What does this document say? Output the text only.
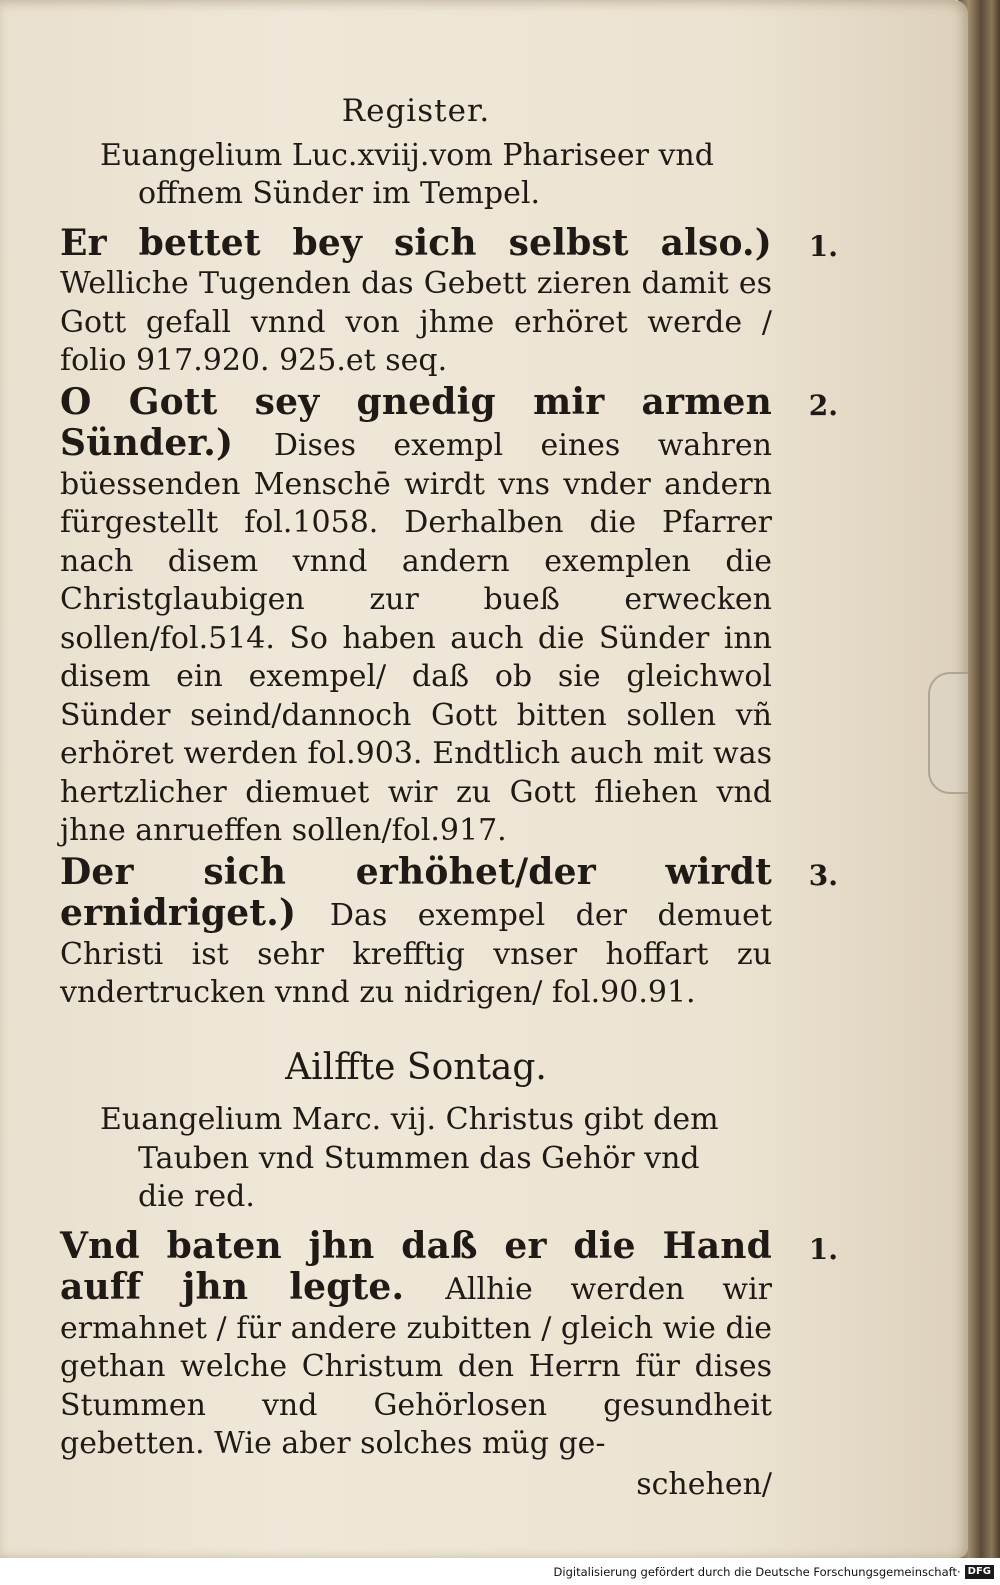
Register.
Euangelium Luc.xviij.vom Phariseer vnd
offnem Sünder im Tempel.
1.
Er bettet bey sich selbst also.) Welliche Tugenden das Gebett zieren damit es Gott gefall vnnd von jhme erhöret werde / folio 917.920. 925.et seq.
2.
O Gott sey gnedig mir armen Sünder.) Dises exempl eines wahren büessenden Menschē wirdt vns vnder andern fürgestellt fol.1058. Derhalben die Pfarrer nach disem vnnd andern exemplen die Christglaubigen zur bueß erwecken sollen/fol.514. So haben auch die Sünder inn disem ein exempel/ daß ob sie gleichwol Sünder seind/dannoch Gott bitten sollen vñ erhöret werden fol.903. Endtlich auch mit was hertzlicher diemuet wir zu Gott fliehen vnd jhne anrueffen sollen/fol.917.
3.
Der sich erhöhet/der wirdt ernidriget.) Das exempel der demuet Christi ist sehr krefftig vnser hoffart zu vndertrucken vnnd zu nidrigen/ fol.90.91.
Ailffte Sontag.
Euangelium Marc. vij. Christus gibt dem
Tauben vnd Stummen das Gehör vnd
die red.
1.
Vnd baten jhn daß er die Hand auff jhn legte. Allhie werden wir ermahnet / für andere zubitten / gleich wie die gethan welche Christum den Herrn für dises Stummen vnd Gehörlosen gesundheit gebetten. Wie aber solches müg ge-
schehen/
Digitalisierung gefördert durch die Deutsche Forschungsgemeinschaft· DFG
